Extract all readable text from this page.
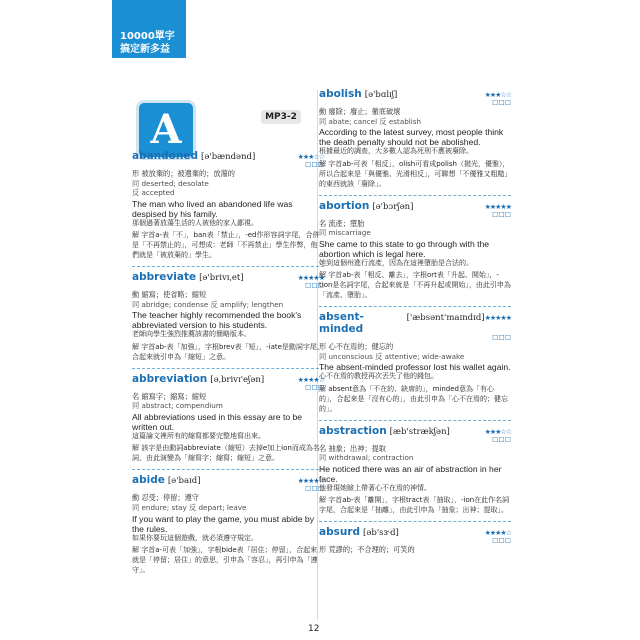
10000單字
搞定新多益
A	MP3-2
abandoned [ə'bændənd]	★★★☆☆
☐☐☐
形 被放棄的；被遺棄的；放蕩的
同 deserted; desolate
反 accepted
The man who lived an abandoned life was despised by his family.
那個過著放蕩生活的人被他的家人鄙視。
解 字首a-表「不」，ban表「禁止」，-ed作形容詞字尾，合併是「不再禁止的」，可想成：老師「不再禁止」學生作弊，他們就是「被放棄的」學生。
abbreviate [ə'brivɪˌet]	★★★★★
☐☐☐
動 縮寫；使省略；縮短
同 abridge; condense 反 amplify; lengthen
The teacher highly recommended the book's abbreviated version to his students.
老師向學生強烈推薦該書的簡略版本。
解 字首ab-表「加強」，字根brev表「短」，-iate是動詞字尾，合起來就引申為「縮短」之意。
abbreviation [əˌbrivɪ'eʃən]	★★★★☆
☐☐☐
名 縮寫字；縮寫；縮短
同 abstract; compendium
All abbreviations used in this essay are to be written out.
這篇論文裡所有的縮寫都要完整地寫出來。
解 該字是由動詞abbreviate（縮短）去掉e加上ion而成為名詞，由此演變為「縮寫字；縮寫；縮短」之意。
abide [ə'baɪd]	★★★★☆
☐☐☐
動 忍受；停留；遵守
同 endure; stay 反 depart; leave
If you want to play the game, you must abide by the rules.
如果你要玩這個遊戲，就必須遵守規定。
解 字首a-可表「加強」，字根bide表「居住；停留」，合起來就是「停留；居住」的意思，引申為「容忍」，再引申為「遵守」。
abolish [ə'bɑlɪʃ]	★★★☆☆
☐☐☐
動 廢除；廢止；徹底破壞
同 abate; cancel 反 establish
According to the latest survey, most people think the death penalty should not be abolished.
根據最近的調查，大多數人認為死刑不應被廢除。
解 字首ab-可表「相反」，olish可看成polish（拋光，優雅），所以合起來是「與優雅、光滑相反」，可聯想「不優雅又粗糙」的東西就該「廢除」。
abortion [ə'bɔrʃən]	★★★★★
☐☐☐
名 流產；墮胎
同 miscarriage
She came to this state to go through with the abortion which is legal here.
她到這個州進行流產，因為在這裡墮胎是合法的。
解 字首ab-表「相反、離去」，字根ort表「升起、開始」，-tion是名詞字尾，合起來就是「不再升起或開始」，由此引申為「流產、墮胎」。
absent-minded
['æbsənt'maɪndɪd] ★★★★★
☐☐☐
形 心不在焉的；健忘的
同 unconscious 反 attentive; wide-awake
The absent-minded professor lost his wallet again.
心不在焉的教授再次丟失了他的錢包。
解 absent意為「不在的、缺席的」，minded意為「有心的」，合起來是「沒有心的」，由此引申為「心不在焉的；健忘的」。
abstraction [æb'strækʃən]	★★★☆☆
☐☐☐
名 抽象；出神；提取
同 withdrawal; contraction
He noticed there was an air of abstraction in her face.
他發現她臉上帶著心不在焉的神情。
解 字首ab-表「離開」，字根tract表「抽取」，-ion在此作名詞字尾，合起來是「抽離」，由此引申為「抽象；出神；提取」。
absurd [əb'sɝd]	★★★★☆
☐☐☐
形 荒謬的；不合理的；可笑的
12
